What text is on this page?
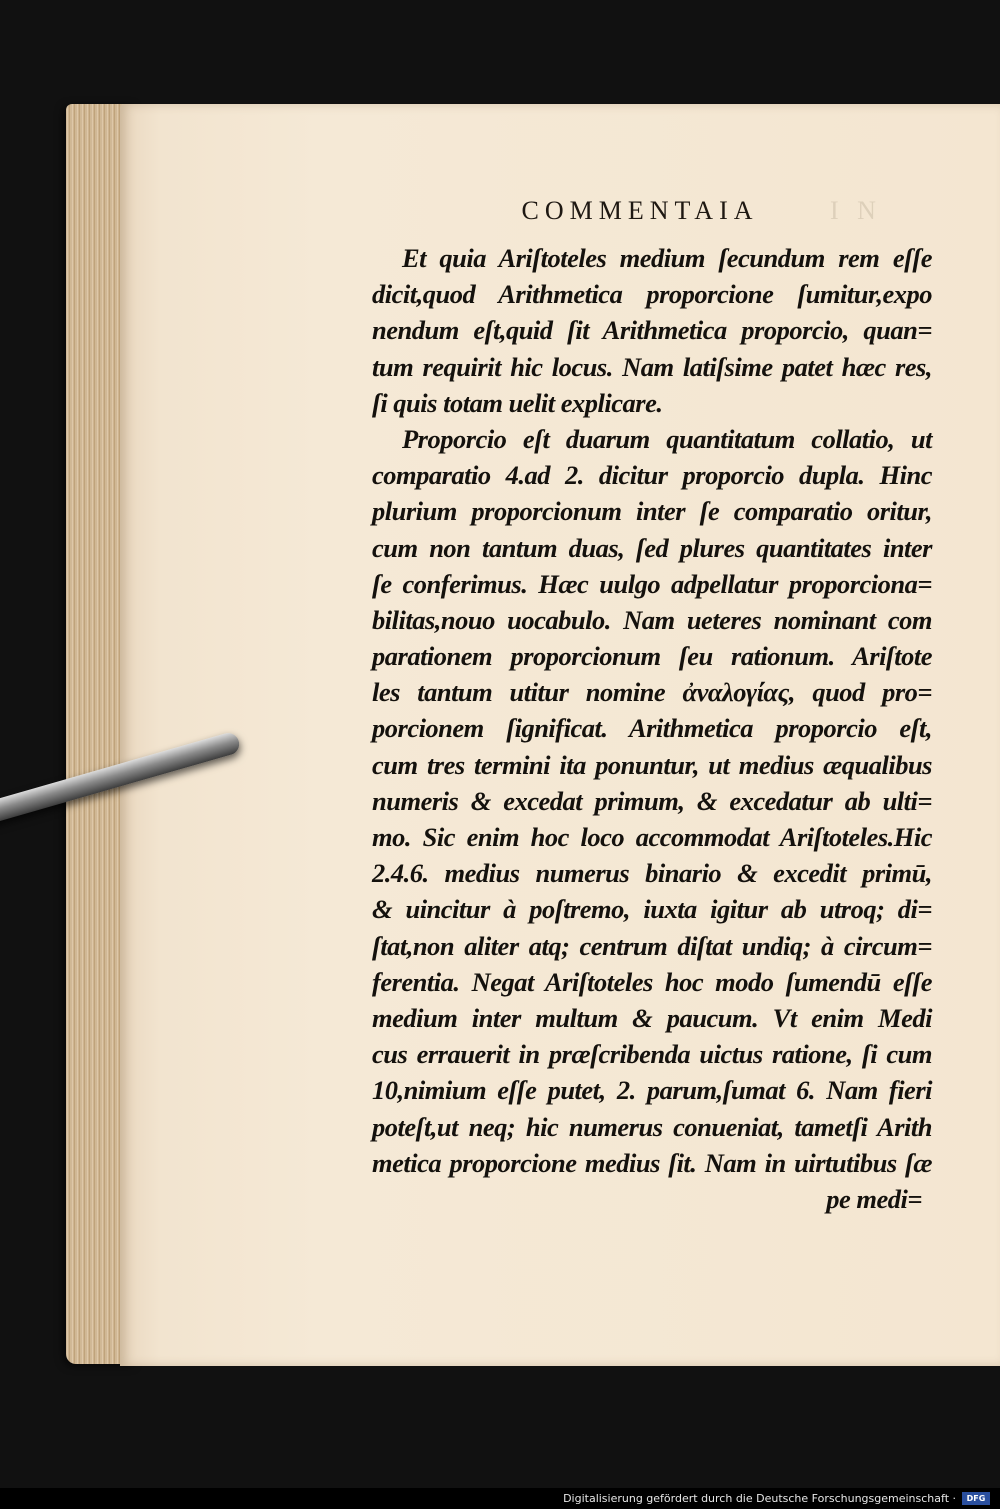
I N
COMMENTAIA
Et quia Ariſtoteles medium ſecundum rem eſſe
dicit,quod Arithmetica proporcione ſumitur,expo
nendum eſt,quid ſit Arithmetica proporcio, quan=
tum requirit hic locus. Nam latiſsime patet hæc res,
ſi quis totam uelit explicare.
Proporcio eſt duarum quantitatum collatio, ut
comparatio 4.ad 2. dicitur proporcio dupla. Hinc
plurium proporcionum inter ſe comparatio oritur,
cum non tantum duas, ſed plures quantitates inter
ſe conferimus. Hæc uulgo adpellatur proporciona=
bilitas,nouo uocabulo. Nam ueteres nominant com
parationem proporcionum ſeu rationum. Ariſtote
les tantum utitur nomine ἀναλογίας, quod pro=
porcionem ſignificat. Arithmetica proporcio eſt,
cum tres termini ita ponuntur, ut medius æqualibus
numeris & excedat primum, & excedatur ab ulti=
mo. Sic enim hoc loco accommodat Ariſtoteles.Hic
2.4.6. medius numerus binario & excedit primū,
& uincitur à poſtremo, iuxta igitur ab utroq; di=
ſtat,non aliter atq; centrum diſtat undiq; à circum=
ferentia. Negat Ariſtoteles hoc modo ſumendū eſſe
medium inter multum & paucum. Vt enim Medi
cus errauerit in præſcribenda uictus ratione, ſi cum
10,nimium eſſe putet, 2. parum,ſumat 6. Nam fieri
poteſt,ut neq; hic numerus conueniat, tametſi Arith
metica proporcione medius ſit. Nam in uirtutibus ſæ
pe medi=
Digitalisierung gefördert durch die Deutsche Forschungsgemeinschaft ·	DFG
